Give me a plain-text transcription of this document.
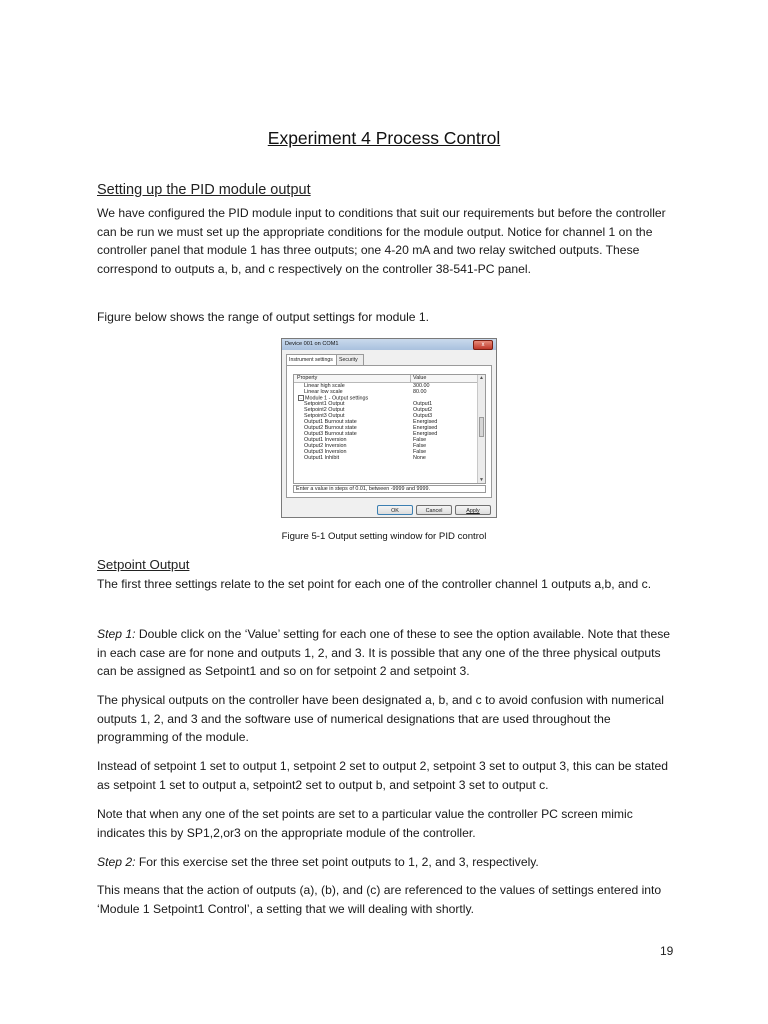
Experiment 4 Process Control
Setting up the PID module output

We have configured the PID module input to conditions that suit our requirements but before the controller can be run we must set up the appropriate conditions for the module output. Notice for channel 1 on the controller panel that module 1 has three outputs; one 4-20 mA and two relay switched outputs. These correspond to outputs a, b, and c respectively on the controller 38-541-PC panel.

Figure below shows the range of output settings for module 1.

Device 001 on COM1	x
Instrument settings	Security
Property	Value
Linear high scale	300.00
Linear low scale	80.00
- Module 1 - Output settings
Setpoint1 Output	Output1
Setpoint2 Output	Output2
Setpoint3 Output	Output3
Output1 Burnout state	Energised
Output2 Burnout state	Energised
Output3 Burnout state	Energised
Output1 Inversion	False
Output2 Inversion	False
Output3 Inversion	False
Output1 Inhibit	None
▲
▼
Enter a value in steps of 0.01, between -9999 and 9999.
OK	Cancel	Apply
Figure 5-1 Output setting window for PID control
Setpoint Output

The first three settings relate to the set point for each one of the controller channel 1 outputs a,b, and c.

Step 1: Double click on the ‘Value’ setting for each one of these to see the option available. Note that these in each case are for none and outputs 1, 2, and 3. It is possible that any one of the three physical outputs can be assigned as Setpoint1 and so on for setpoint 2 and setpoint 3.

The physical outputs on the controller have been designated a, b, and c to avoid confusion with numerical outputs 1, 2, and 3 and the software use of numerical designations that are used throughout the programming of the module.

Instead of setpoint 1 set to output 1, setpoint 2 set to output 2, setpoint 3 set to output 3, this can be stated as setpoint 1 set to output a, setpoint2 set to output b, and setpoint 3 set to output c.

Note that when any one of the set points are set to a particular value the controller PC screen mimic indicates this by SP1,2,or3 on the appropriate module of the controller.

Step 2: For this exercise set the three set point outputs to 1, 2, and 3, respectively.

This means that the action of outputs (a), (b), and (c) are referenced to the values of settings entered into ‘Module 1 Setpoint1 Control’, a setting that we will dealing with shortly.

19
